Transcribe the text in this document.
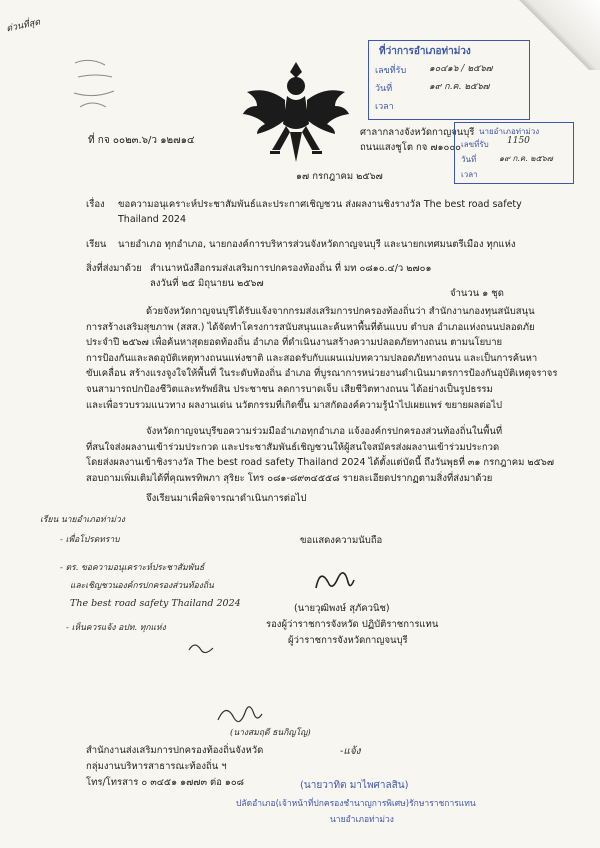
ด่วนที่สุด
ที่ว่าการอำเภอท่าม่วง
เลขที่รับ	๑๐๔๑๖ / ๒๕๖๗
วันที่	๑๙ ก.ค. ๒๕๖๗
เวลา
ที่ กจ ๐๐๒๓.๖/ว ๑๒๗๑๔
ศาลากลางจังหวัดกาญจนบุรี
ถนนแสงชูโต กจ ๗๑๐๐๐
นายอำเภอท่าม่วง
เลขที่รับ 1150
วันที่	๑๙ ก.ค. ๒๕๖๗
เวลา
๑๗ กรกฎาคม ๒๕๖๗
เรื่อง ขอความอนุเคราะห์ประชาสัมพันธ์และประกาศเชิญชวน ส่งผลงานชิงรางวัล The best road safety
Thailand 2024
เรียน นายอำเภอ ทุกอำเภอ, นายกองค์การบริหารส่วนจังหวัดกาญจนบุรี และนายกเทศมนตรีเมือง ทุกแห่ง
สิ่งที่ส่งมาด้วย สำเนาหนังสือกรมส่งเสริมการปกครองท้องถิ่น ที่ มท ๐๘๑๐.๔/ว ๒๗๐๑
ลงวันที่ ๒๕ มิถุนายน ๒๕๖๗
จำนวน ๑ ชุด
ด้วยจังหวัดกาญจนบุรีได้รับแจ้งจากกรมส่งเสริมการปกครองท้องถิ่นว่า สำนักงานกองทุนสนับสนุน
การสร้างเสริมสุขภาพ (สสส.) ได้จัดทำโครงการสนับสนุนและค้นหาพื้นที่ต้นแบบ ตำบล อำเภอแห่งถนนปลอดภัย
ประจำปี ๒๕๖๗ เพื่อค้นหาสุดยอดท้องถิ่น อำเภอ ที่ดำเนินงานสร้างความปลอดภัยทางถนน ตามนโยบาย
การป้องกันและลดอุบัติเหตุทางถนนแห่งชาติ และสอดรับกับแผนแม่บทความปลอดภัยทางถนน และเป็นการค้นหา
ขับเคลื่อน สร้างแรงจูงใจให้พื้นที่ ในระดับท้องถิ่น อำเภอ ที่บูรณาการหน่วยงานดำเนินมาตรการป้องกันอุบัติเหตุจราจร
จนสามารถปกป้องชีวิตและทรัพย์สิน ประชาชน ลดการบาดเจ็บ เสียชีวิตทางถนน ได้อย่างเป็นรูปธรรม
และเพื่อรวบรวมแนวทาง ผลงานเด่น นวัตกรรมที่เกิดขึ้น มาสกัดองค์ความรู้นำไปเผยแพร่ ขยายผลต่อไป
จังหวัดกาญจนบุรีขอความร่วมมืออำเภอทุกอำเภอ แจ้งองค์กรปกครองส่วนท้องถิ่นในพื้นที่
ที่สนใจส่งผลงานเข้าร่วมประกวด และประชาสัมพันธ์เชิญชวนให้ผู้สนใจสมัครส่งผลงานเข้าร่วมประกวด
โดยส่งผลงานเข้าชิงรางวัล The best road safety Thailand 2024 ได้ตั้งแต่บัดนี้ ถึงวันพุธที่ ๓๑ กรกฎาคม ๒๕๖๗
สอบถามเพิ่มเติมได้ที่คุณพรทิพภา สุริยะ โทร ๐๘๑-๘๙๓๔๕๕๘ รายละเอียดปรากฏตามสิ่งที่ส่งมาด้วย
จึงเรียนมาเพื่อพิจารณาดำเนินการต่อไป
เรียน นายอำเภอท่าม่วง
- เพื่อโปรดทราบ
- ตร. ขอความอนุเคราะห์ประชาสัมพันธ์
และเชิญชวนองค์กรปกครองส่วนท้องถิ่น
The best road safety Thailand 2024
- เห็นควรแจ้ง อปท. ทุกแห่ง
ขอแสดงความนับถือ
(นายวุฒิพงษ์ สุภัควนิช)
รองผู้ว่าราชการจังหวัด ปฏิบัติราชการแทน
ผู้ว่าราชการจังหวัดกาญจนบุรี
(นางสมฤดี ธนกิญโญ)
สำนักงานส่งเสริมการปกครองท้องถิ่นจังหวัด
กลุ่มงานบริหารสาธารณะท้องถิ่น ฯ
โทร/โทรสาร ๐ ๓๔๕๑ ๑๗๗๓ ต่อ ๑๐๘
-แจ้ง
(นายวาทิต มาไพศาลสิน)
ปลัดอำเภอ(เจ้าหน้าที่ปกครองชำนาญการพิเศษ)รักษาราชการแทน
นายอำเภอท่าม่วง
